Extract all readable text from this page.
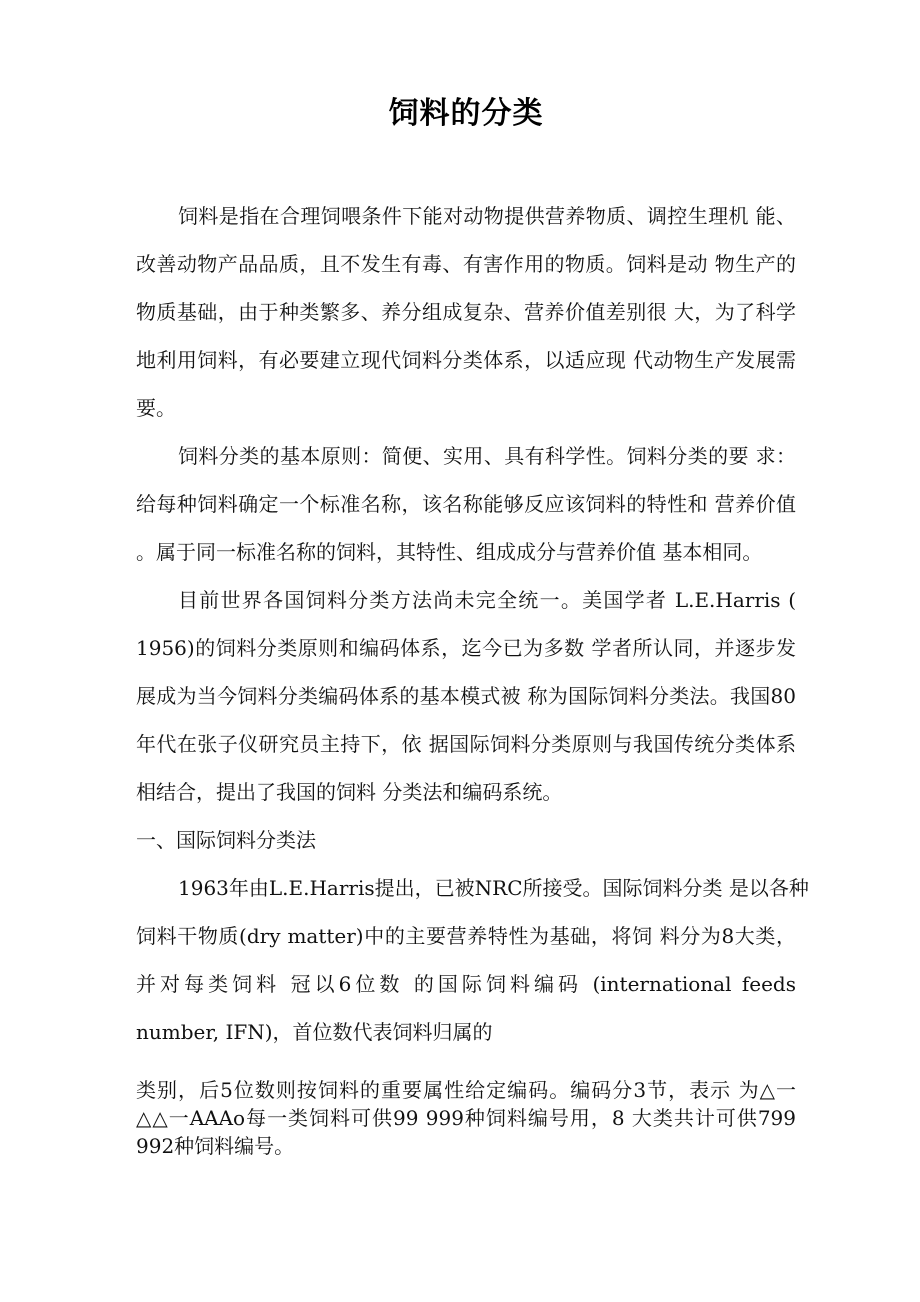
饲料的分类
饲料是指在合理饲喂条件下能对动物提供营养物质、调控生理机 能、
改善动物产品品质，且不发生有毒、有害作用的物质。饲料是动 物生产的
物质基础，由于种类繁多、养分组成复杂、营养价值差别很 大，为了科学
地利用饲料，有必要建立现代饲料分类体系，以适应现 代动物生产发展需
要。
饲料分类的基本原则：简便、实用、具有科学性。饲料分类的要 求：
给每种饲料确定一个标准名称，该名称能够反应该饲料的特性和 营养价值
。属于同一标准名称的饲料，其特性、组成成分与营养价值 基本相同。
目前世界各国饲料分类方法尚未完全统一。美国学者 L.E.Harris (
1956)的饲料分类原则和编码体系，迄今已为多数 学者所认同，并逐步发
展成为当今饲料分类编码体系的基本模式被 称为国际饲料分类法。我国80
年代在张子仪研究员主持下，依 据国际饲料分类原则与我国传统分类体系
相结合，提出了我国的饲料 分类法和编码系统。
一、国际饲料分类法
1963年由L.E.Harris提出，已被NRC所接受。国际饲料分类 是以各种
饲料干物质(dry matter)中的主要营养特性为基础，将饲 料分为8大类，
并对每类饲料 冠以6位数 的国际饲料编码 (international feeds
number, IFN)，首位数代表饲料归属的
类别，后5位数则按饲料的重要属性给定编码。编码分3节，表示 为△一
△△一AAAo每一类饲料可供99 999种饲料编号用，8 大类共计可供799
992种饲料编号。
